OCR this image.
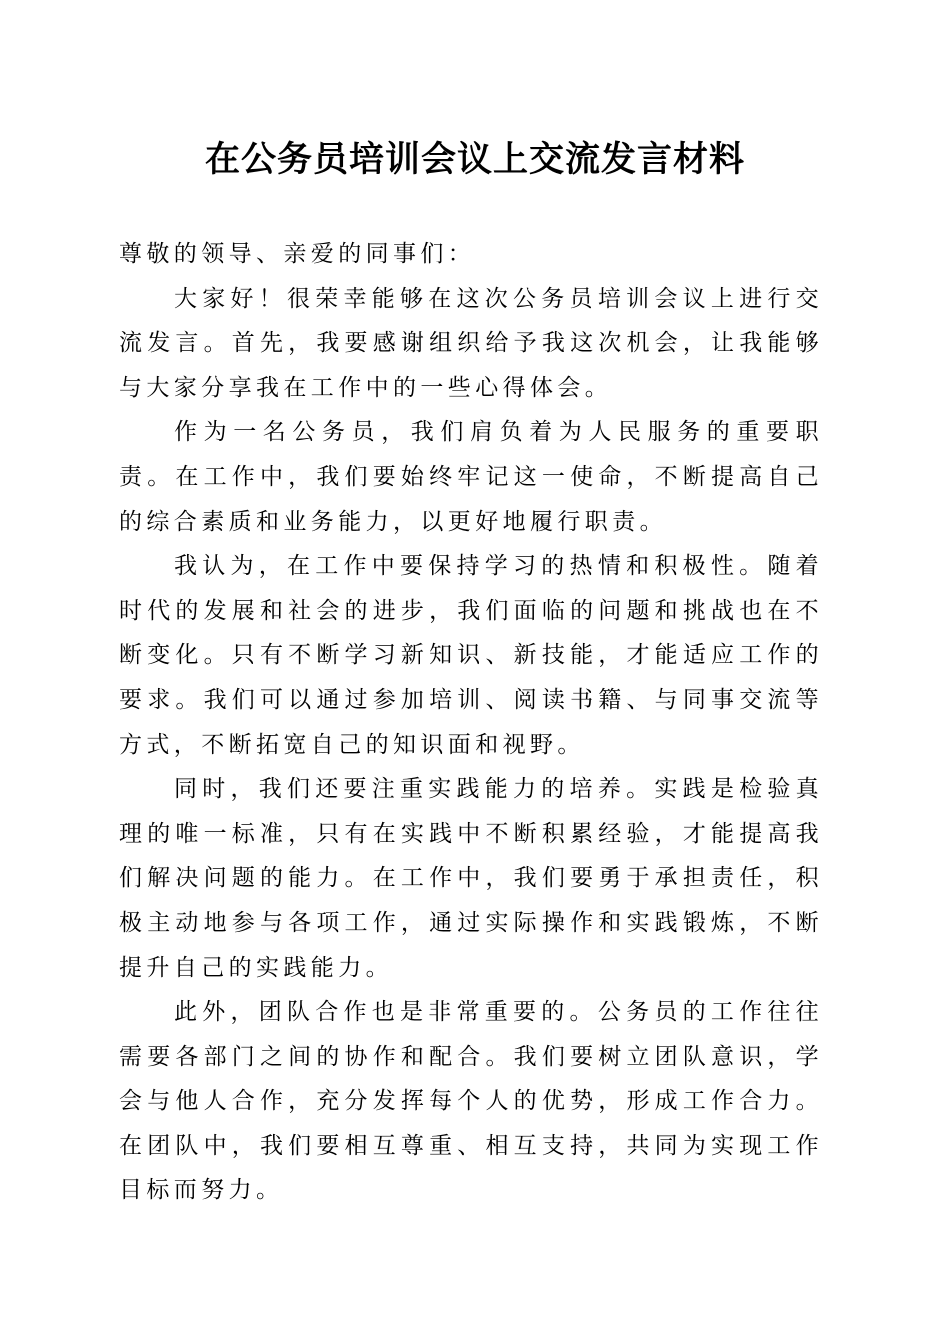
在公务员培训会议上交流发言材料

尊敬的领导、亲爱的同事们：

大家好！很荣幸能够在这次公务员培训会议上进行交流发言。首先，我要感谢组织给予我这次机会，让我能够与大家分享我在工作中的一些心得体会。

作为一名公务员，我们肩负着为人民服务的重要职责。在工作中，我们要始终牢记这一使命，不断提高自己的综合素质和业务能力，以更好地履行职责。

我认为，在工作中要保持学习的热情和积极性。随着时代的发展和社会的进步，我们面临的问题和挑战也在不断变化。只有不断学习新知识、新技能，才能适应工作的要求。我们可以通过参加培训、阅读书籍、与同事交流等方式，不断拓宽自己的知识面和视野。

同时，我们还要注重实践能力的培养。实践是检验真理的唯一标准，只有在实践中不断积累经验，才能提高我们解决问题的能力。在工作中，我们要勇于承担责任，积极主动地参与各项工作，通过实际操作和实践锻炼，不断提升自己的实践能力。

此外，团队合作也是非常重要的。公务员的工作往往需要各部门之间的协作和配合。我们要树立团队意识，学会与他人合作，充分发挥每个人的优势，形成工作合力。在团队中，我们要相互尊重、相互支持，共同为实现工作目标而努力。
